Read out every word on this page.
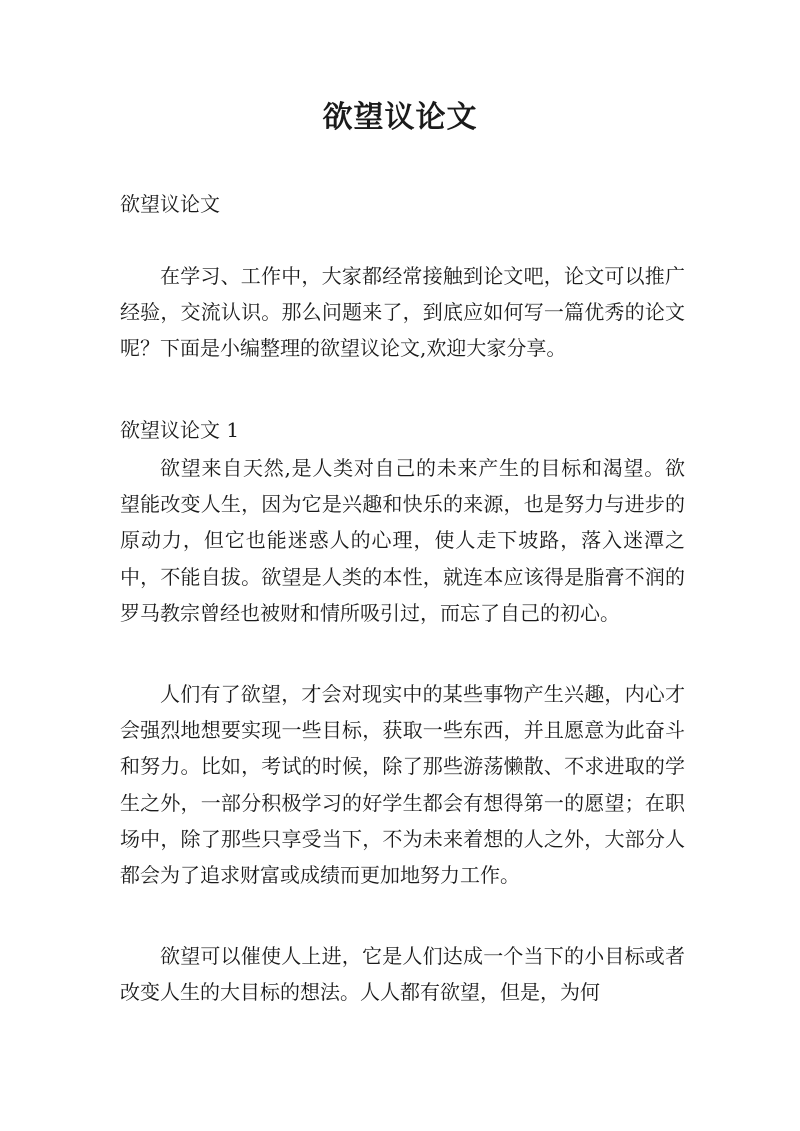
欲望议论文
欲望议论文

在学习、工作中，大家都经常接触到论文吧，论文可以推广经验，交流认识。那么问题来了，到底应如何写一篇优秀的论文呢？下面是小编整理的欲望议论文,欢迎大家分享。

欲望议论文 1

欲望来自天然,是人类对自己的未来产生的目标和渴望。欲望能改变人生，因为它是兴趣和快乐的来源，也是努力与进步的原动力，但它也能迷惑人的心理，使人走下坡路，落入迷潭之中，不能自拔。欲望是人类的本性，就连本应该得是脂膏不润的罗马教宗曾经也被财和情所吸引过，而忘了自己的初心。

人们有了欲望，才会对现实中的某些事物产生兴趣，内心才会强烈地想要实现一些目标，获取一些东西，并且愿意为此奋斗和努力。比如，考试的时候，除了那些游荡懒散、不求进取的学生之外，一部分积极学习的好学生都会有想得第一的愿望；在职场中，除了那些只享受当下，不为未来着想的人之外，大部分人都会为了追求财富或成绩而更加地努力工作。

欲望可以催使人上进，它是人们达成一个当下的小目标或者改变人生的大目标的想法。人人都有欲望，但是，为何
